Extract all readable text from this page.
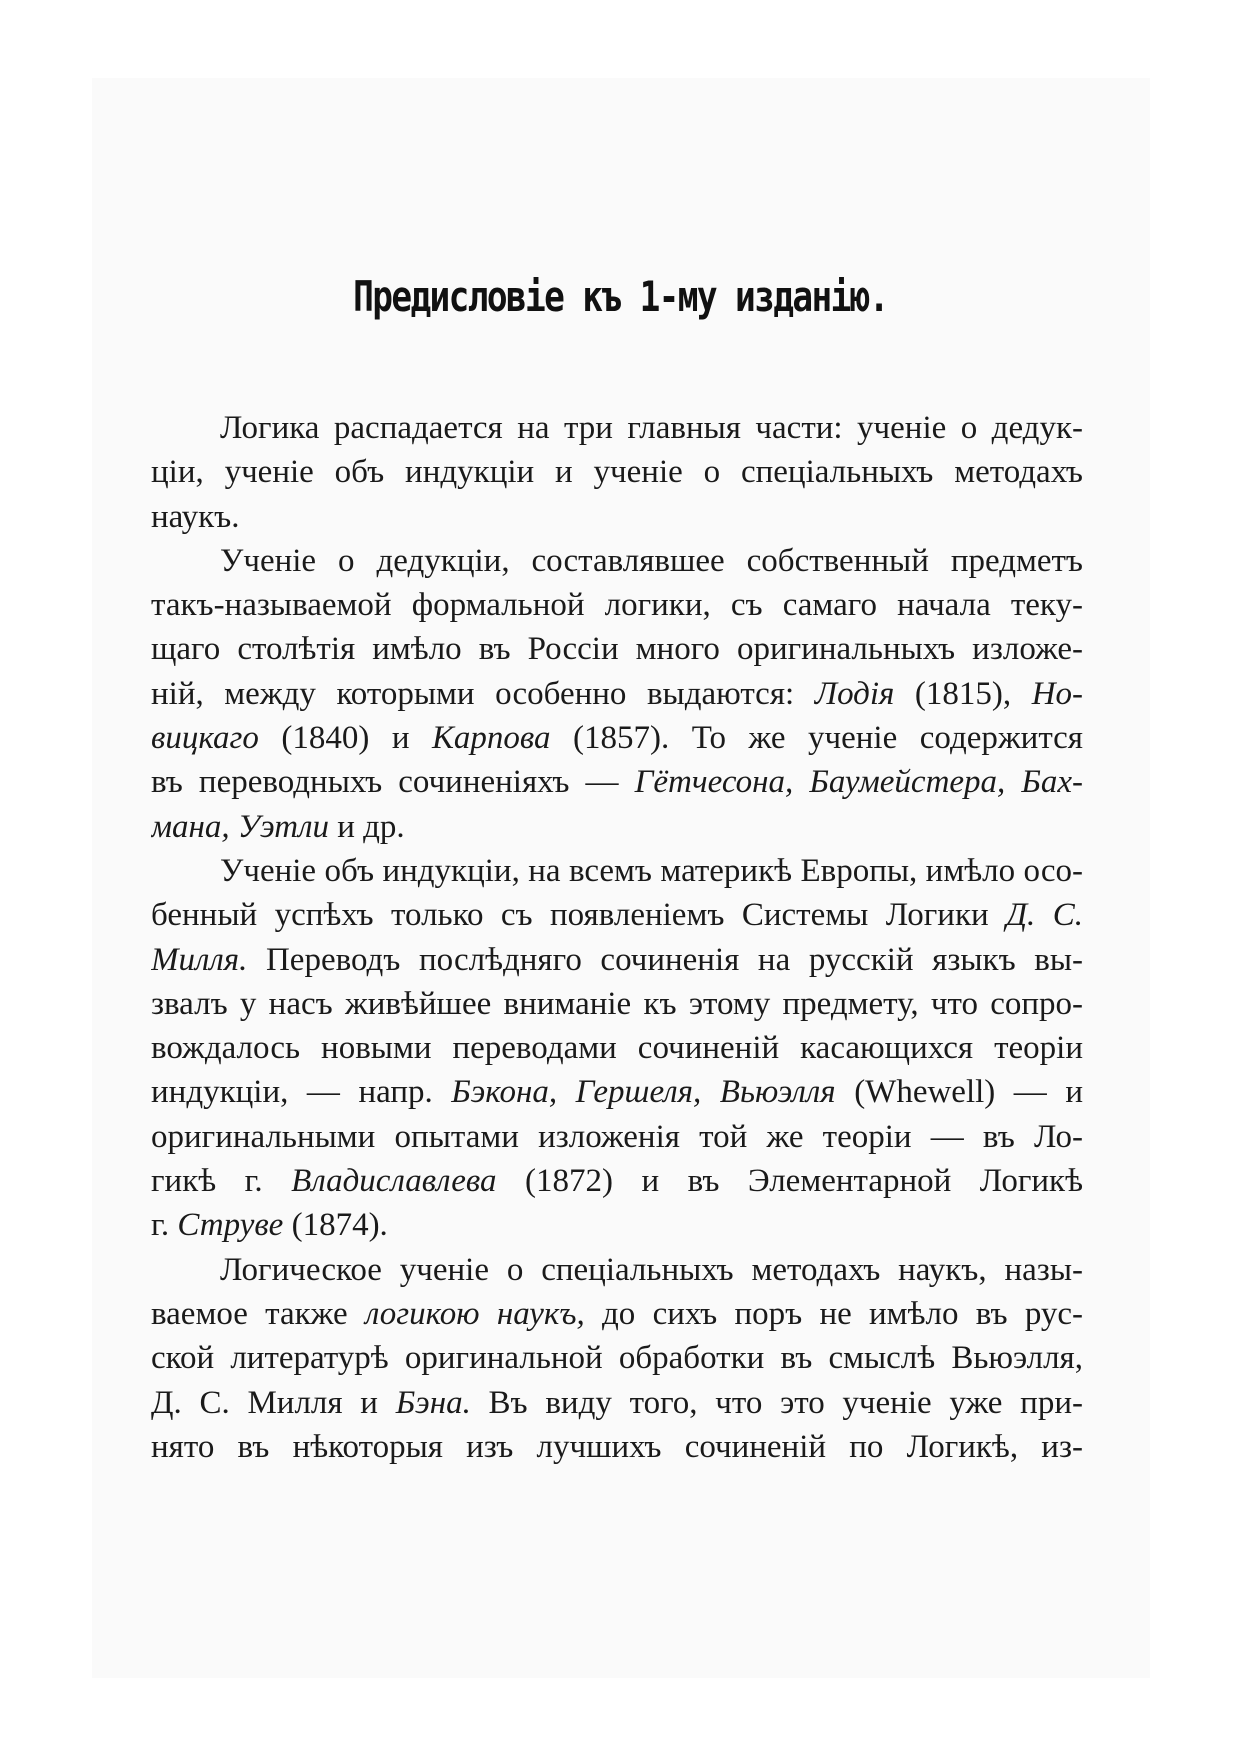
Предисловіе къ 1-му изданію.
Логика распадается на три главныя части: ученіе о дедук-
ціи, ученіе объ индукціи и ученіе о спеціальныхъ методахъ
наукъ.
Ученіе о дедукціи, составлявшее собственный предметъ
такъ-называемой формальной логики, съ самаго начала теку-
щаго столѣтія имѣло въ Россіи много оригинальныхъ изложе-
ній, между которыми особенно выдаются: Лодія (1815), Но-
вицкаго (1840) и Карпова (1857). То же ученіе содержится
въ переводныхъ сочиненіяхъ — Гётчесона, Баумейстера, Бах-
мана, Уэтли и др.
Ученіе объ индукціи, на всемъ материкѣ Европы, имѣло осо-
бенный успѣхъ только съ появленіемъ Системы Логики Д. С.
Милля. Переводъ послѣдняго сочиненія на русскій языкъ вы-
звалъ у насъ живѣйшее вниманіе къ этому предмету, что сопро-
вождалось новыми переводами сочиненій касающихся теоріи
индукціи, — напр. Бэкона, Гершеля, Вьюэлля (Whewell) — и
оригинальными опытами изложенія той же теоріи — въ Ло-
гикѣ г. Владиславлева (1872) и въ Элементарной Логикѣ
г. Струве (1874).
Логическое ученіе о спеціальныхъ методахъ наукъ, назы-
ваемое также логикою наукъ, до сихъ поръ не имѣло въ рус-
ской литературѣ оригинальной обработки въ смыслѣ Вьюэлля,
Д. С. Милля и Бэна. Въ виду того, что это ученіе уже при-
нято въ нѣкоторыя изъ лучшихъ сочиненій по Логикѣ, из-
